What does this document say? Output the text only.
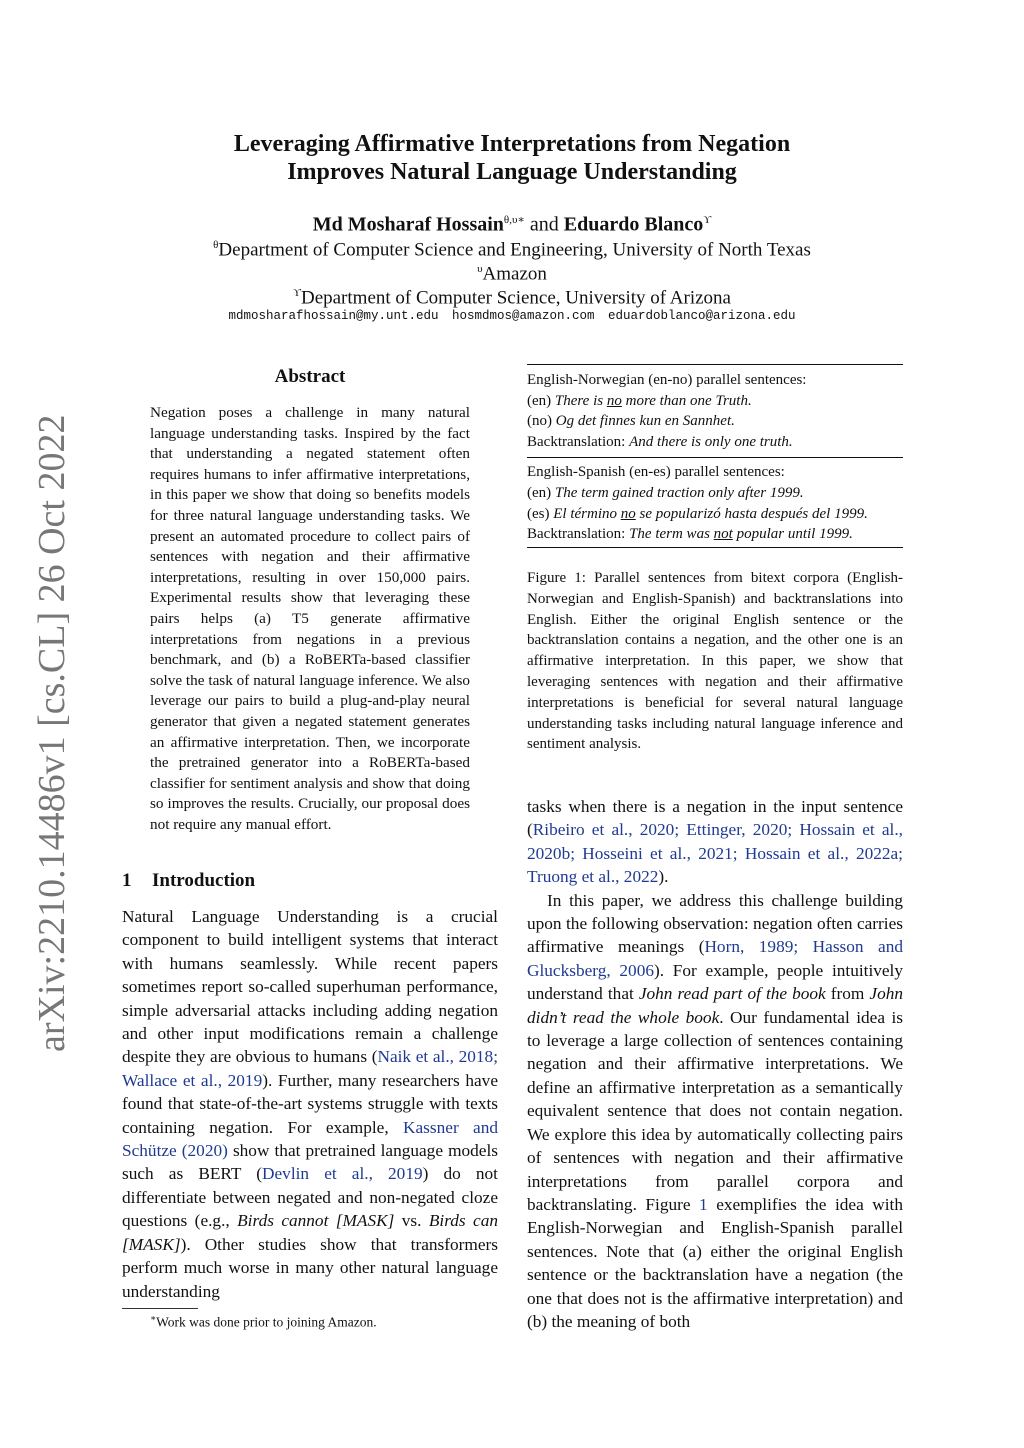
arXiv:2210.14486v1 [cs.CL] 26 Oct 2022
Leveraging Affirmative Interpretations from Negation
Improves Natural Language Understanding
Md Mosharaf Hossain$^{\theta,\upsilon∗}$ and Eduardo Blanco$^ϒ$
$^\theta$Department of Computer Science and Engineering, University of North Texas
$^\upsilon$Amazon
$^ϒ$Department of Computer Science, University of Arizona
mdmosharafhossain@my.unt.edu hosmdmos@amazon.com eduardoblanco@arizona.edu
Abstract
Negation poses a challenge in many natural language understanding tasks. Inspired by the fact that understanding a negated statement often requires humans to infer affirmative interpretations, in this paper we show that doing so benefits models for three natural language understanding tasks. We present an automated procedure to collect pairs of sentences with negation and their affirmative interpretations, resulting in over 150,000 pairs. Experimental results show that leveraging these pairs helps (a) T5 generate affirmative interpretations from negations in a previous benchmark, and (b) a RoBERTa-based classifier solve the task of natural language inference. We also leverage our pairs to build a plug-and-play neural generator that given a negated statement generates an affirmative interpretation. Then, we incorporate the pretrained generator into a RoBERTa-based classifier for sentiment analysis and show that doing so improves the results. Crucially, our proposal does not require any manual effort.
1 Introduction
Natural Language Understanding is a crucial component to build intelligent systems that interact with humans seamlessly. While recent papers sometimes report so-called superhuman performance, simple adversarial attacks including adding negation and other input modifications remain a challenge despite they are obvious to humans (Naik et al., 2018; Wallace et al., 2019). Further, many researchers have found that state-of-the-art systems struggle with texts containing negation. For example, Kassner and Schütze (2020) show that pretrained language models such as BERT (Devlin et al., 2019) do not differentiate between negated and non-negated cloze questions (e.g., Birds cannot [MASK] vs. Birds can [MASK]). Other studies show that transformers perform much worse in many other natural language understanding
∗Work was done prior to joining Amazon.
English-Norwegian (en-no) parallel sentences:
(en) There is no more than one Truth.
(no) Og det finnes kun en Sannhet.
Backtranslation: And there is only one truth.
English-Spanish (en-es) parallel sentences:
(en) The term gained traction only after 1999.
(es) El término no se popularizó hasta después del 1999.
Backtranslation: The term was not popular until 1999.
Figure 1: Parallel sentences from bitext corpora (English-Norwegian and English-Spanish) and backtranslations into English. Either the original English sentence or the backtranslation contains a negation, and the other one is an affirmative interpretation. In this paper, we show that leveraging sentences with negation and their affirmative interpretations is beneficial for several natural language understanding tasks including natural language inference and sentiment analysis.

tasks when there is a negation in the input sentence (Ribeiro et al., 2020; Ettinger, 2020; Hossain et al., 2020b; Hosseini et al., 2021; Hossain et al., 2022a; Truong et al., 2022).

In this paper, we address this challenge building upon the following observation: negation often carries affirmative meanings (Horn, 1989; Hasson and Glucksberg, 2006). For example, people intuitively understand that John read part of the book from John didn’t read the whole book. Our fundamental idea is to leverage a large collection of sentences containing negation and their affirmative interpretations. We define an affirmative interpretation as a semantically equivalent sentence that does not contain negation. We explore this idea by automatically collecting pairs of sentences with negation and their affirmative interpretations from parallel corpora and backtranslating. Figure 1 exemplifies the idea with English-Norwegian and English-Spanish parallel sentences. Note that (a) either the original English sentence or the backtranslation have a negation (the one that does not is the affirmative interpretation) and (b) the meaning of both
